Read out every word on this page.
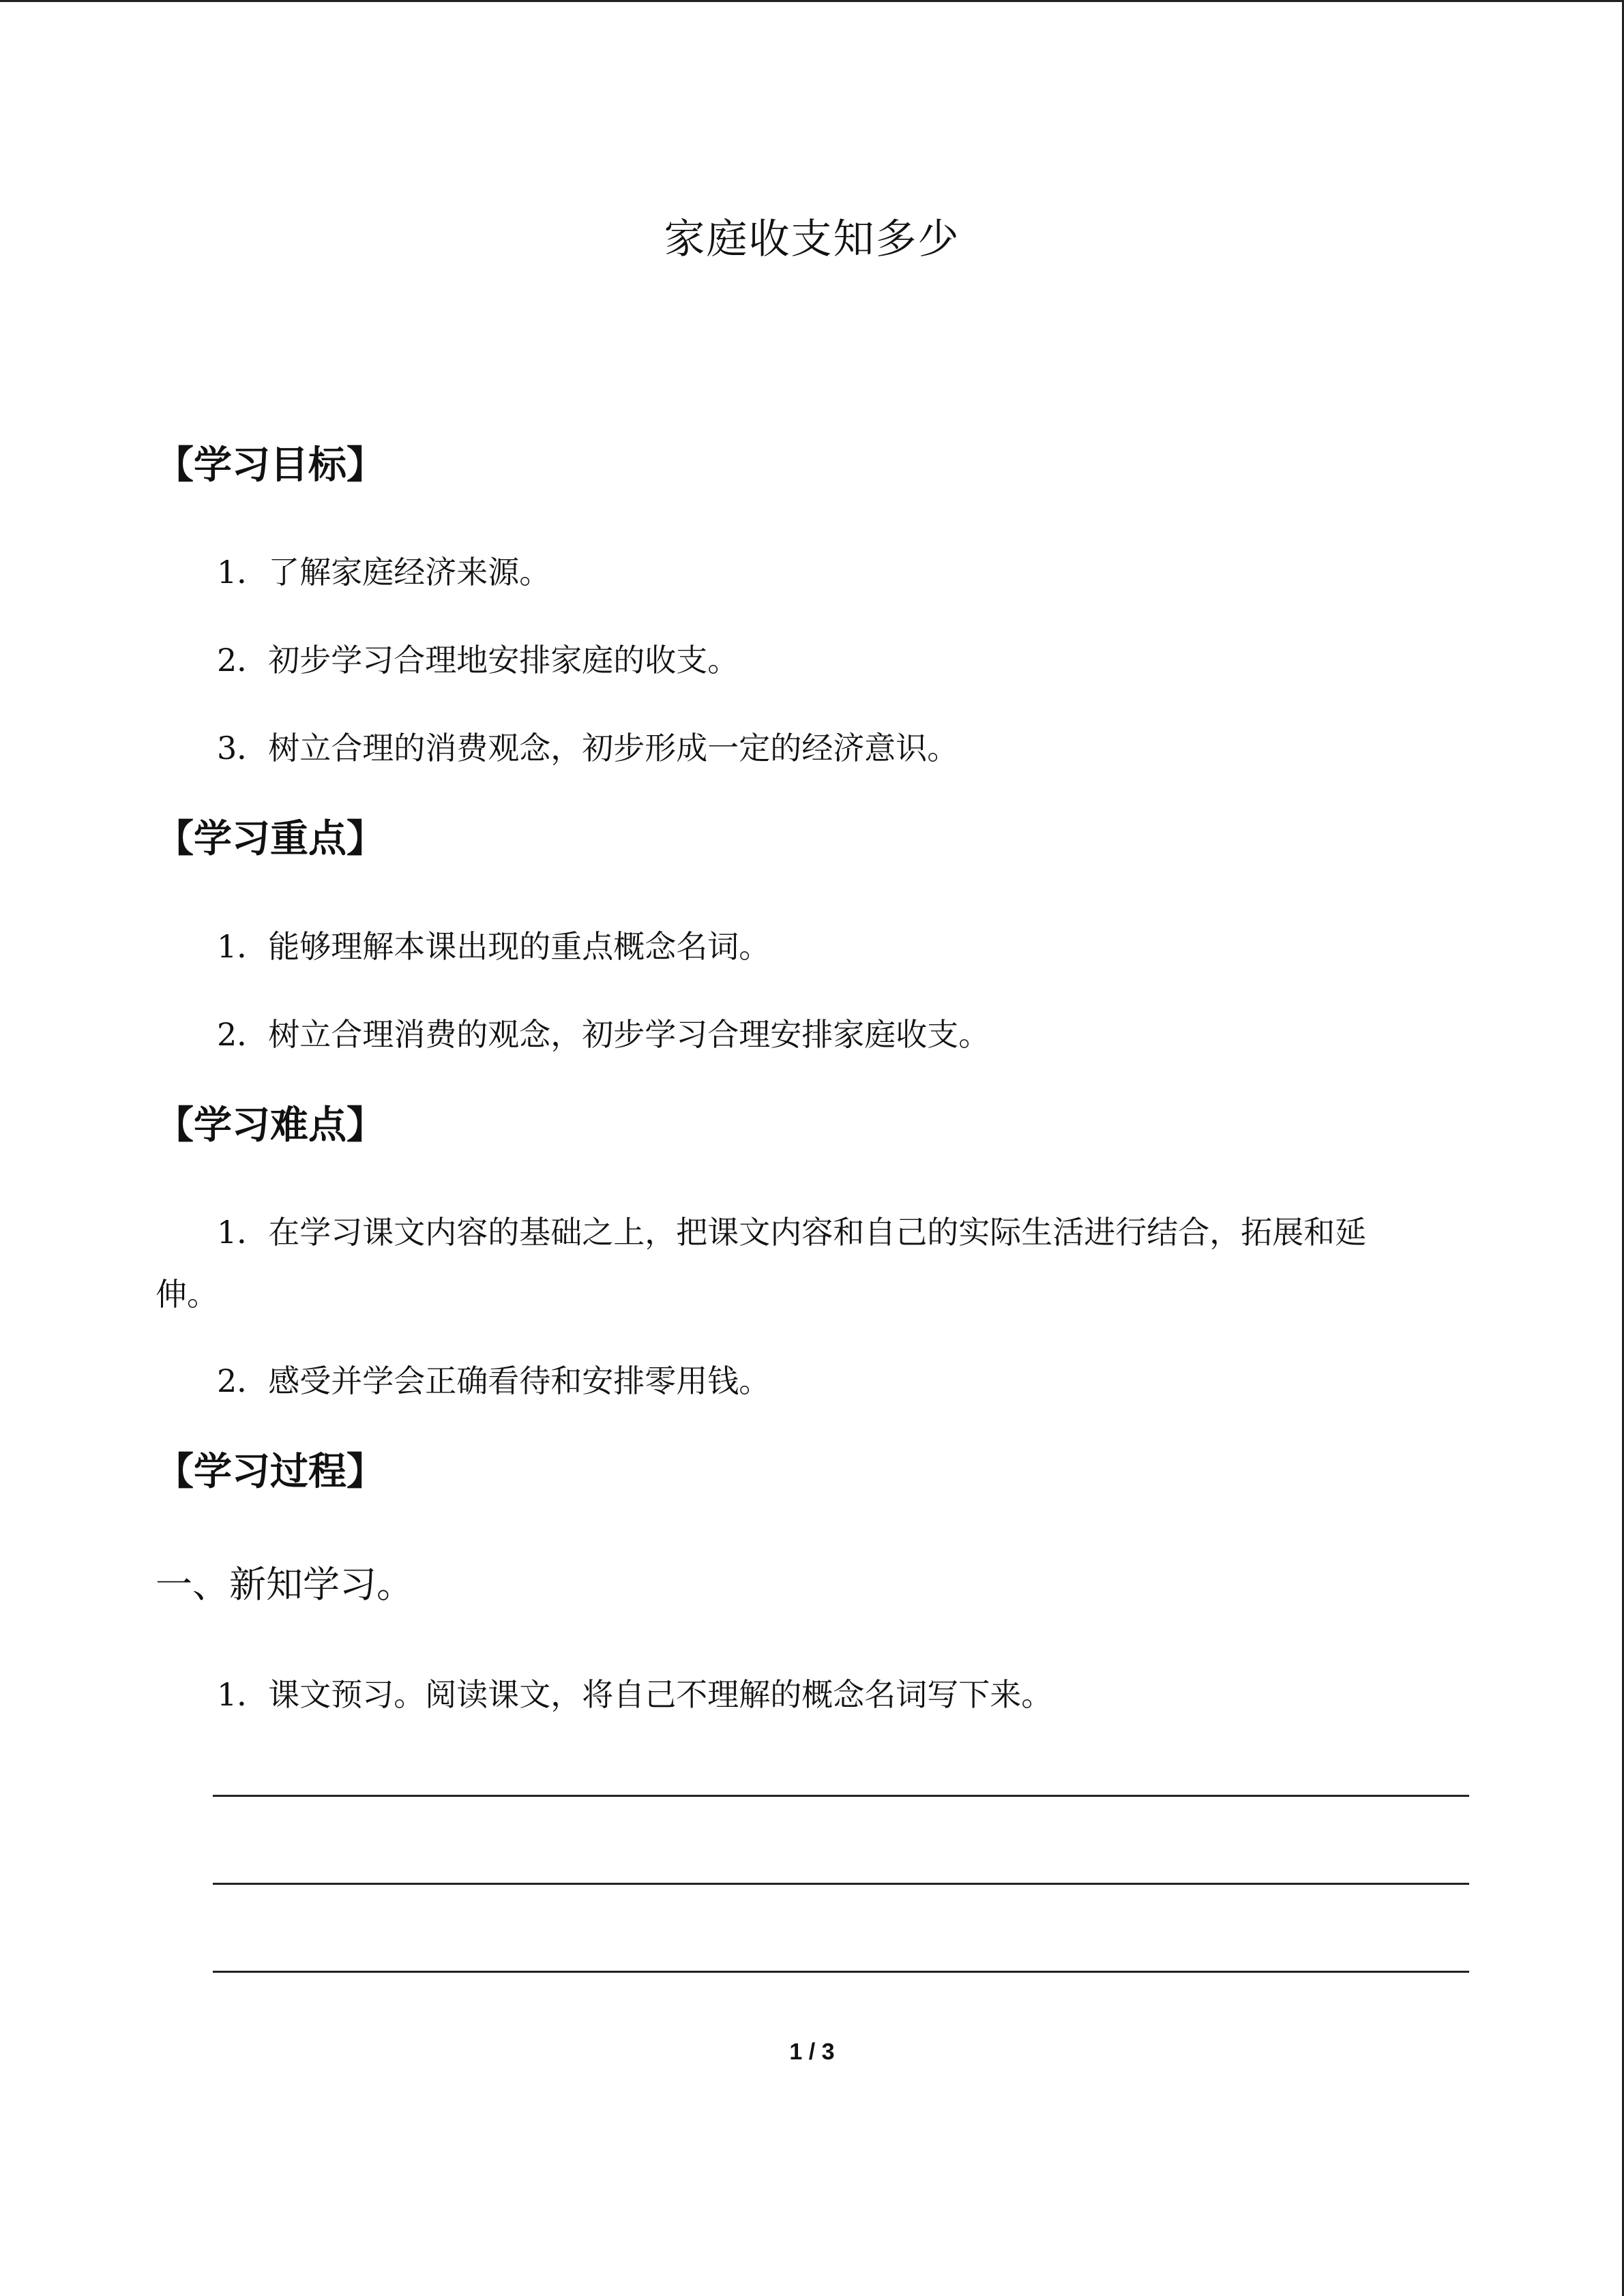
家庭收支知多少
【学习目标】
1．了解家庭经济来源。
2．初步学习合理地安排家庭的收支。
3．树立合理的消费观念，初步形成一定的经济意识。
【学习重点】
1．能够理解本课出现的重点概念名词。
2．树立合理消费的观念，初步学习合理安排家庭收支。
【学习难点】
1．在学习课文内容的基础之上，把课文内容和自己的实际生活进行结合，拓展和延
伸。
2．感受并学会正确看待和安排零用钱。
【学习过程】
一、新知学习。
1．课文预习。阅读课文，将自己不理解的概念名词写下来。
1 / 3
